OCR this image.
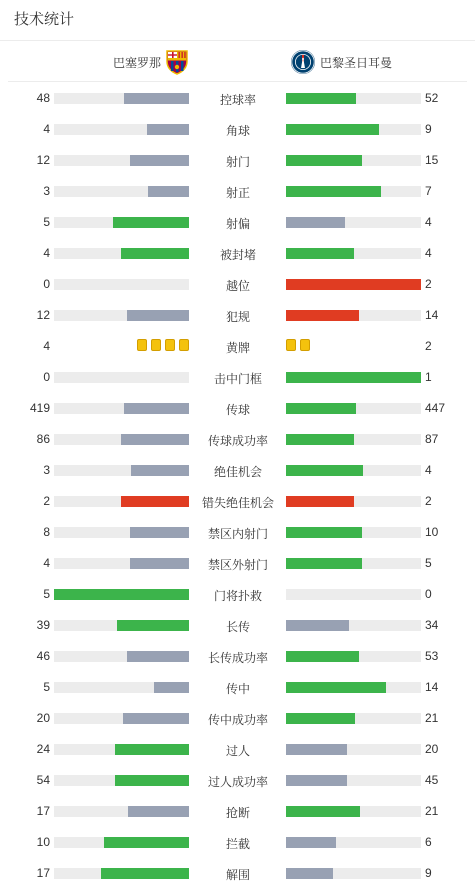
技术统计
巴塞罗那	巴黎圣日耳曼
48	控球率	52
4	角球	9
12	射门	15
3	射正	7
5	射偏	4
4	被封堵	4
0	越位	2
12	犯规	14
4	黄牌	2
0	击中门框	1
419	传球	447
86	传球成功率	87
3	绝佳机会	4
2	错失绝佳机会	2
8	禁区内射门	10
4	禁区外射门	5
5	门将扑救	0
39	长传	34
46	长传成功率	53
5	传中	14
20	传中成功率	21
24	过人	20
54	过人成功率	45
17	抢断	21
10	拦截	6
17	解围	9
